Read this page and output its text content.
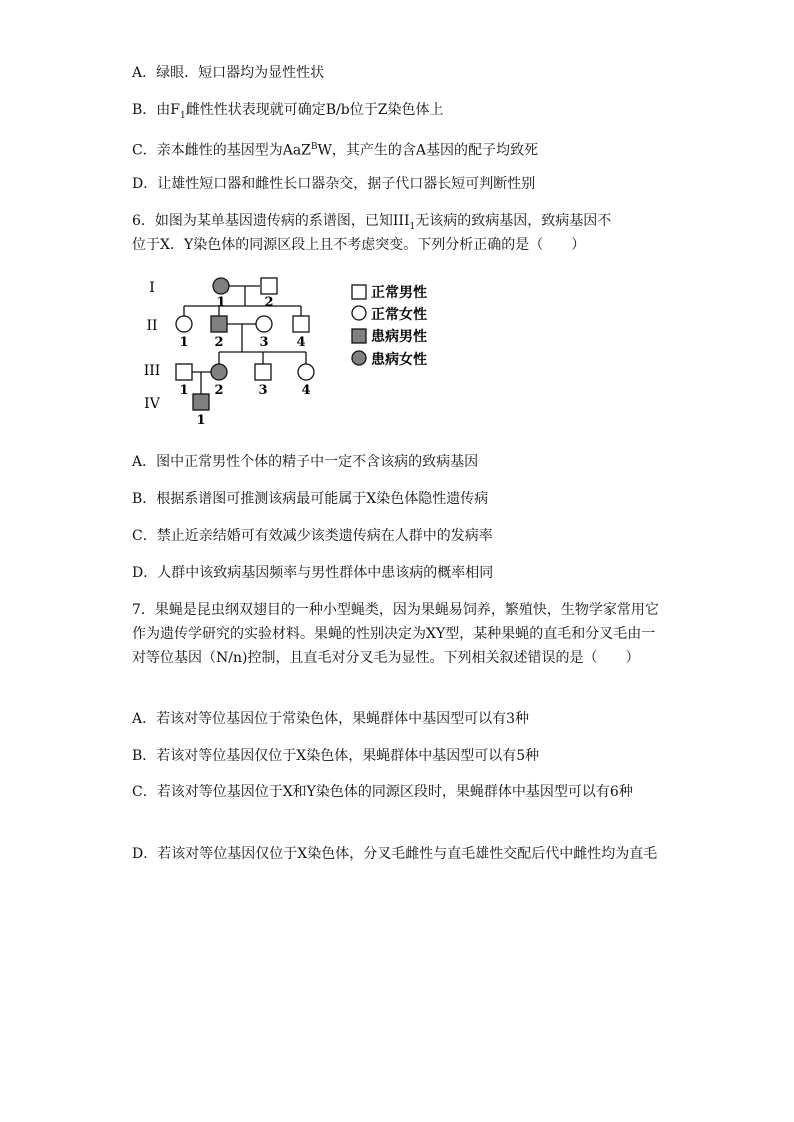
A．绿眼．短口器均为显性性状
B．由$F_1$雌性性状表现就可确定B/b位于Z染色体上
C．亲本雌性的基因型为AaZ$^B$W，其产生的含A基因的配子均致死
D．让雄性短口器和雌性长口器杂交，据子代口器长短可判断性别
6．如图为某单基因遗传病的系谱图，已知$III_1$无该病的致病基因，致病基因不
位于X．Y染色体的同源区段上且不考虑突变。下列分析正确的是（　　）
I
II
III
IV
1	2
1 2	3 4
1 2	3	4
1
正常男性
正常女性
患病男性
患病女性
A．图中正常男性个体的精子中一定不含该病的致病基因
B．根据系谱图可推测该病最可能属于X染色体隐性遗传病
C．禁止近亲结婚可有效减少该类遗传病在人群中的发病率
D．人群中该致病基因频率与男性群体中患该病的概率相同
7．果蝇是昆虫纲双翅目的一种小型蝇类，因为果蝇易饲养，繁殖快，生物学家常用它作为遗传学研究的实验材料。果蝇的性别决定为XY型，某种果蝇的直毛和分叉毛由一对等位基因（N/n)控制，且直毛对分叉毛为显性。下列相关叙述错误的是（　　）
A．若该对等位基因位于常染色体，果蝇群体中基因型可以有3种
B．若该对等位基因仅位于X染色体，果蝇群体中基因型可以有5种
C．若该对等位基因位于X和Y染色体的同源区段时，果蝇群体中基因型可以有6种
D．若该对等位基因仅位于X染色体，分叉毛雌性与直毛雄性交配后代中雌性均为直毛
